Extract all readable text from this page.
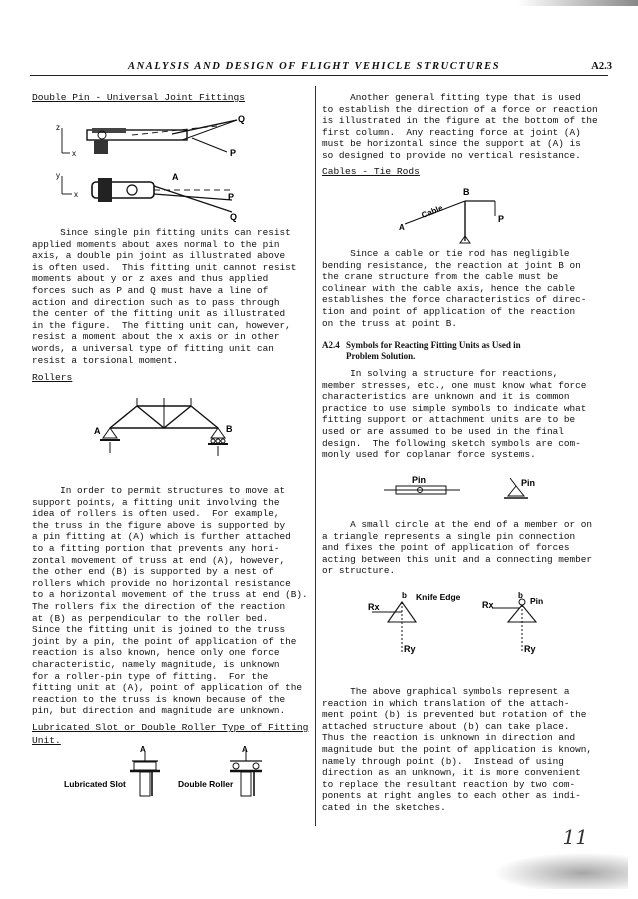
ANALYSIS AND DESIGN OF FLIGHT VEHICLE STRUCTURES	A2.3
Double Pin - Universal Joint Fittings
z
x
Q
P
y
x
A
P
Q
Since single pin fitting units can resist
applied moments about axes normal to the pin
axis, a double pin joint as illustrated above
is often used.  This fitting unit cannot resist
moments about y or z axes and thus applied
forces such as P and Q must have a line of
action and direction such as to pass through
the center of the fitting unit as illustrated
in the figure.  The fitting unit can, however,
resist a moment about the x axis or in other
words, a universal type of fitting unit can
resist a torsional moment.
Rollers
A	B
In order to permit structures to move at
support points, a fitting unit involving the
idea of rollers is often used.  For example,
the truss in the figure above is supported by
a pin fitting at (A) which is further attached
to a fitting portion that prevents any hori-
zontal movement of truss at end (A), however,
the other end (B) is supported by a nest of
rollers which provide no horizontal resistance
to a horizontal movement of the truss at end (B).
The rollers fix the direction of the reaction
at (B) as perpendicular to the roller bed.
Since the fitting unit is joined to the truss
joint by a pin, the point of application of the
reaction is also known, hence only one force
characteristic, namely magnitude, is unknown
for a roller-pin type of fitting.  For the
fitting unit at (A), point of application of the
reaction to the truss is known because of the
pin, but direction and magnitude are unknown.
Lubricated Slot or Double Roller Type of Fitting
Unit.
A
Lubricated Slot
A
Double Roller
Another general fitting type that is used
to establish the direction of a force or reaction
is illustrated in the figure at the bottom of the
first column.  Any reacting force at joint (A)
must be horizontal since the support at (A) is
so designed to provide no vertical resistance.
Cables - Tie Rods
B
Cable
A
P
Since a cable or tie rod has negligible
bending resistance, the reaction at joint B on
the crane structure from the cable must be
colinear with the cable axis, hence the cable
establishes the force characteristics of direc-
tion and point of application of the reaction
on the truss at point B.
A2.4 Symbols for Reacting Fitting Units as Used in
Problem Solution.
In solving a structure for reactions,
member stresses, etc., one must know what force
characteristics are unknown and it is common
practice to use simple symbols to indicate what
fitting support or attachment units are to be
used or are assumed to be used in the final
design.  The following sketch symbols are com-
monly used for coplanar force systems.
Pin	Pin
A small circle at the end of a member or on
a triangle represents a single pin connection
and fixes the point of application of forces
acting between this unit and a connecting member
or structure.
b Knife Edge
Rx
Ry
b
Pin
Rx
Ry
The above graphical symbols represent a
reaction in which translation of the attach-
ment point (b) is prevented but rotation of the
attached structure about (b) can take place.
Thus the reaction is unknown in direction and
magnitude but the point of application is known,
namely through point (b).  Instead of using
direction as an unknown, it is more convenient
to replace the resultant reaction by two com-
ponents at right angles to each other as indi-
cated in the sketches.
11
